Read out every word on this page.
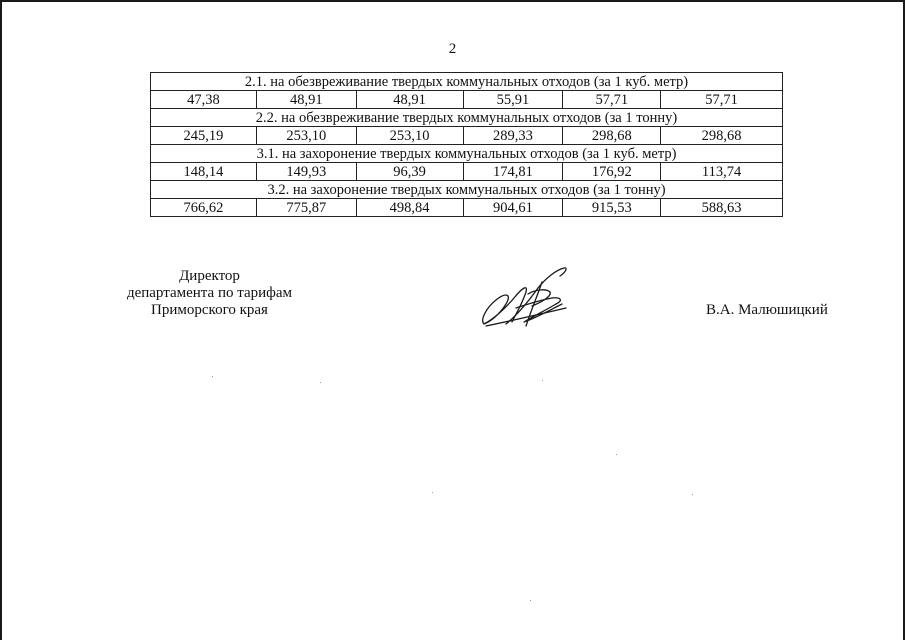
2
2.1. на обезвреживание твердых коммунальных отходов (за 1 куб. метр)					
47,38	48,91	48,91	55,91	57,71	57,71
2.2. на обезвреживание твердых коммунальных отходов (за 1 тонну)					
245,19	253,10	253,10	289,33	298,68	298,68
3.1. на захоронение твердых коммунальных отходов (за 1 куб. метр)					
148,14	149,93	96,39	174,81	176,92	113,74
3.2. на захоронение твердых коммунальных отходов (за 1 тонну)					
766,62	775,87	498,84	904,61	915,53	588,63
Директор
департамента по тарифам
Приморского края	В.А. Малюшицкий
